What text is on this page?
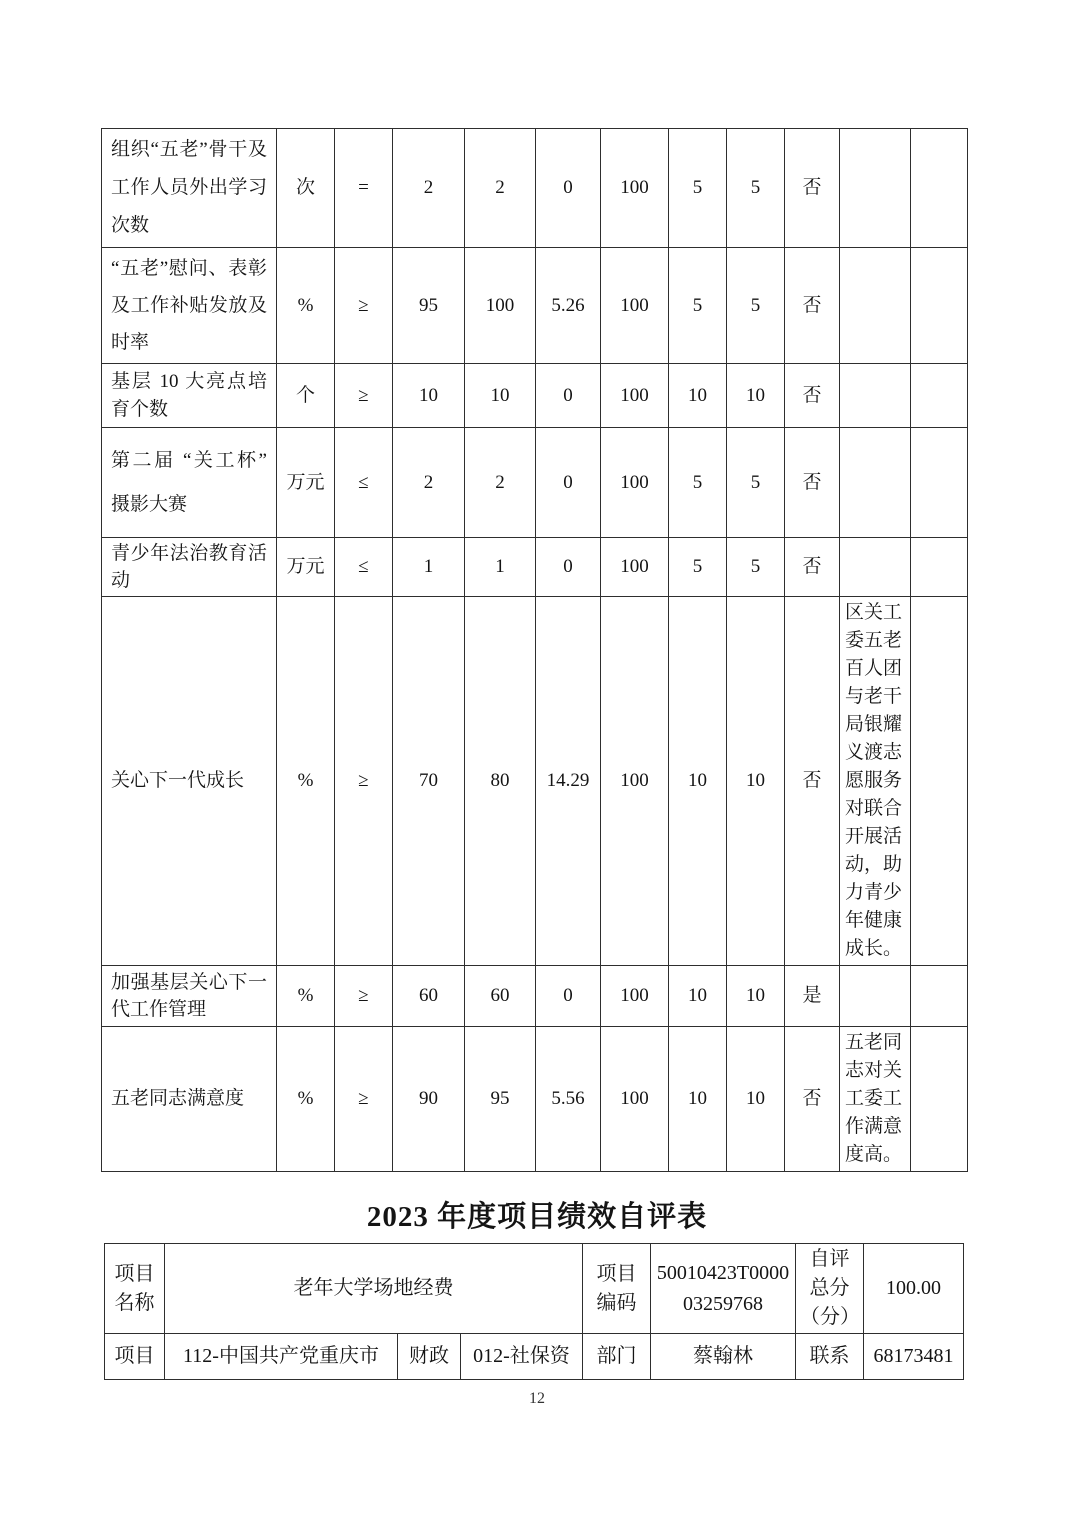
组织“五老”骨干及工作人员外出学习次数	次	=	2	2	0	100	5	5	否		
“五老”慰问、表彰 及工作补贴发放及时率	%	≥	95	100	5.26	100	5	5	否		
基层 10 大亮点培育个数	个	≥	10	10	0	100	10	10	否		
第二届 “关工杯” 摄影大赛	万元	≤	2	2	0	100	5	5	否		
青少年法治教育活动	万元	≤	1	1	0	100	5	5	否		
关心下一代成长	%	≥	70	80	14.29	100	10	10	否	区关工委五老百人团与老干局银耀义渡志愿服务对联合开展活动，助力青少年健康成长。	
加强基层关心下一代工作管理	%	≥	60	60	0	100	10	10	是		
五老同志满意度	%	≥	90	95	5.56	100	10	10	否	五老同志对关工委工作满意度高。	
2023 年度项目绩效自评表
项目名称	老年大学场地经费			项目编码	50010423T000003259768	自评总分（分）	100.00
项目	112-中国共产党重庆市	财政	012-社保资	部门	蔡翰林	联系	68173481
12
